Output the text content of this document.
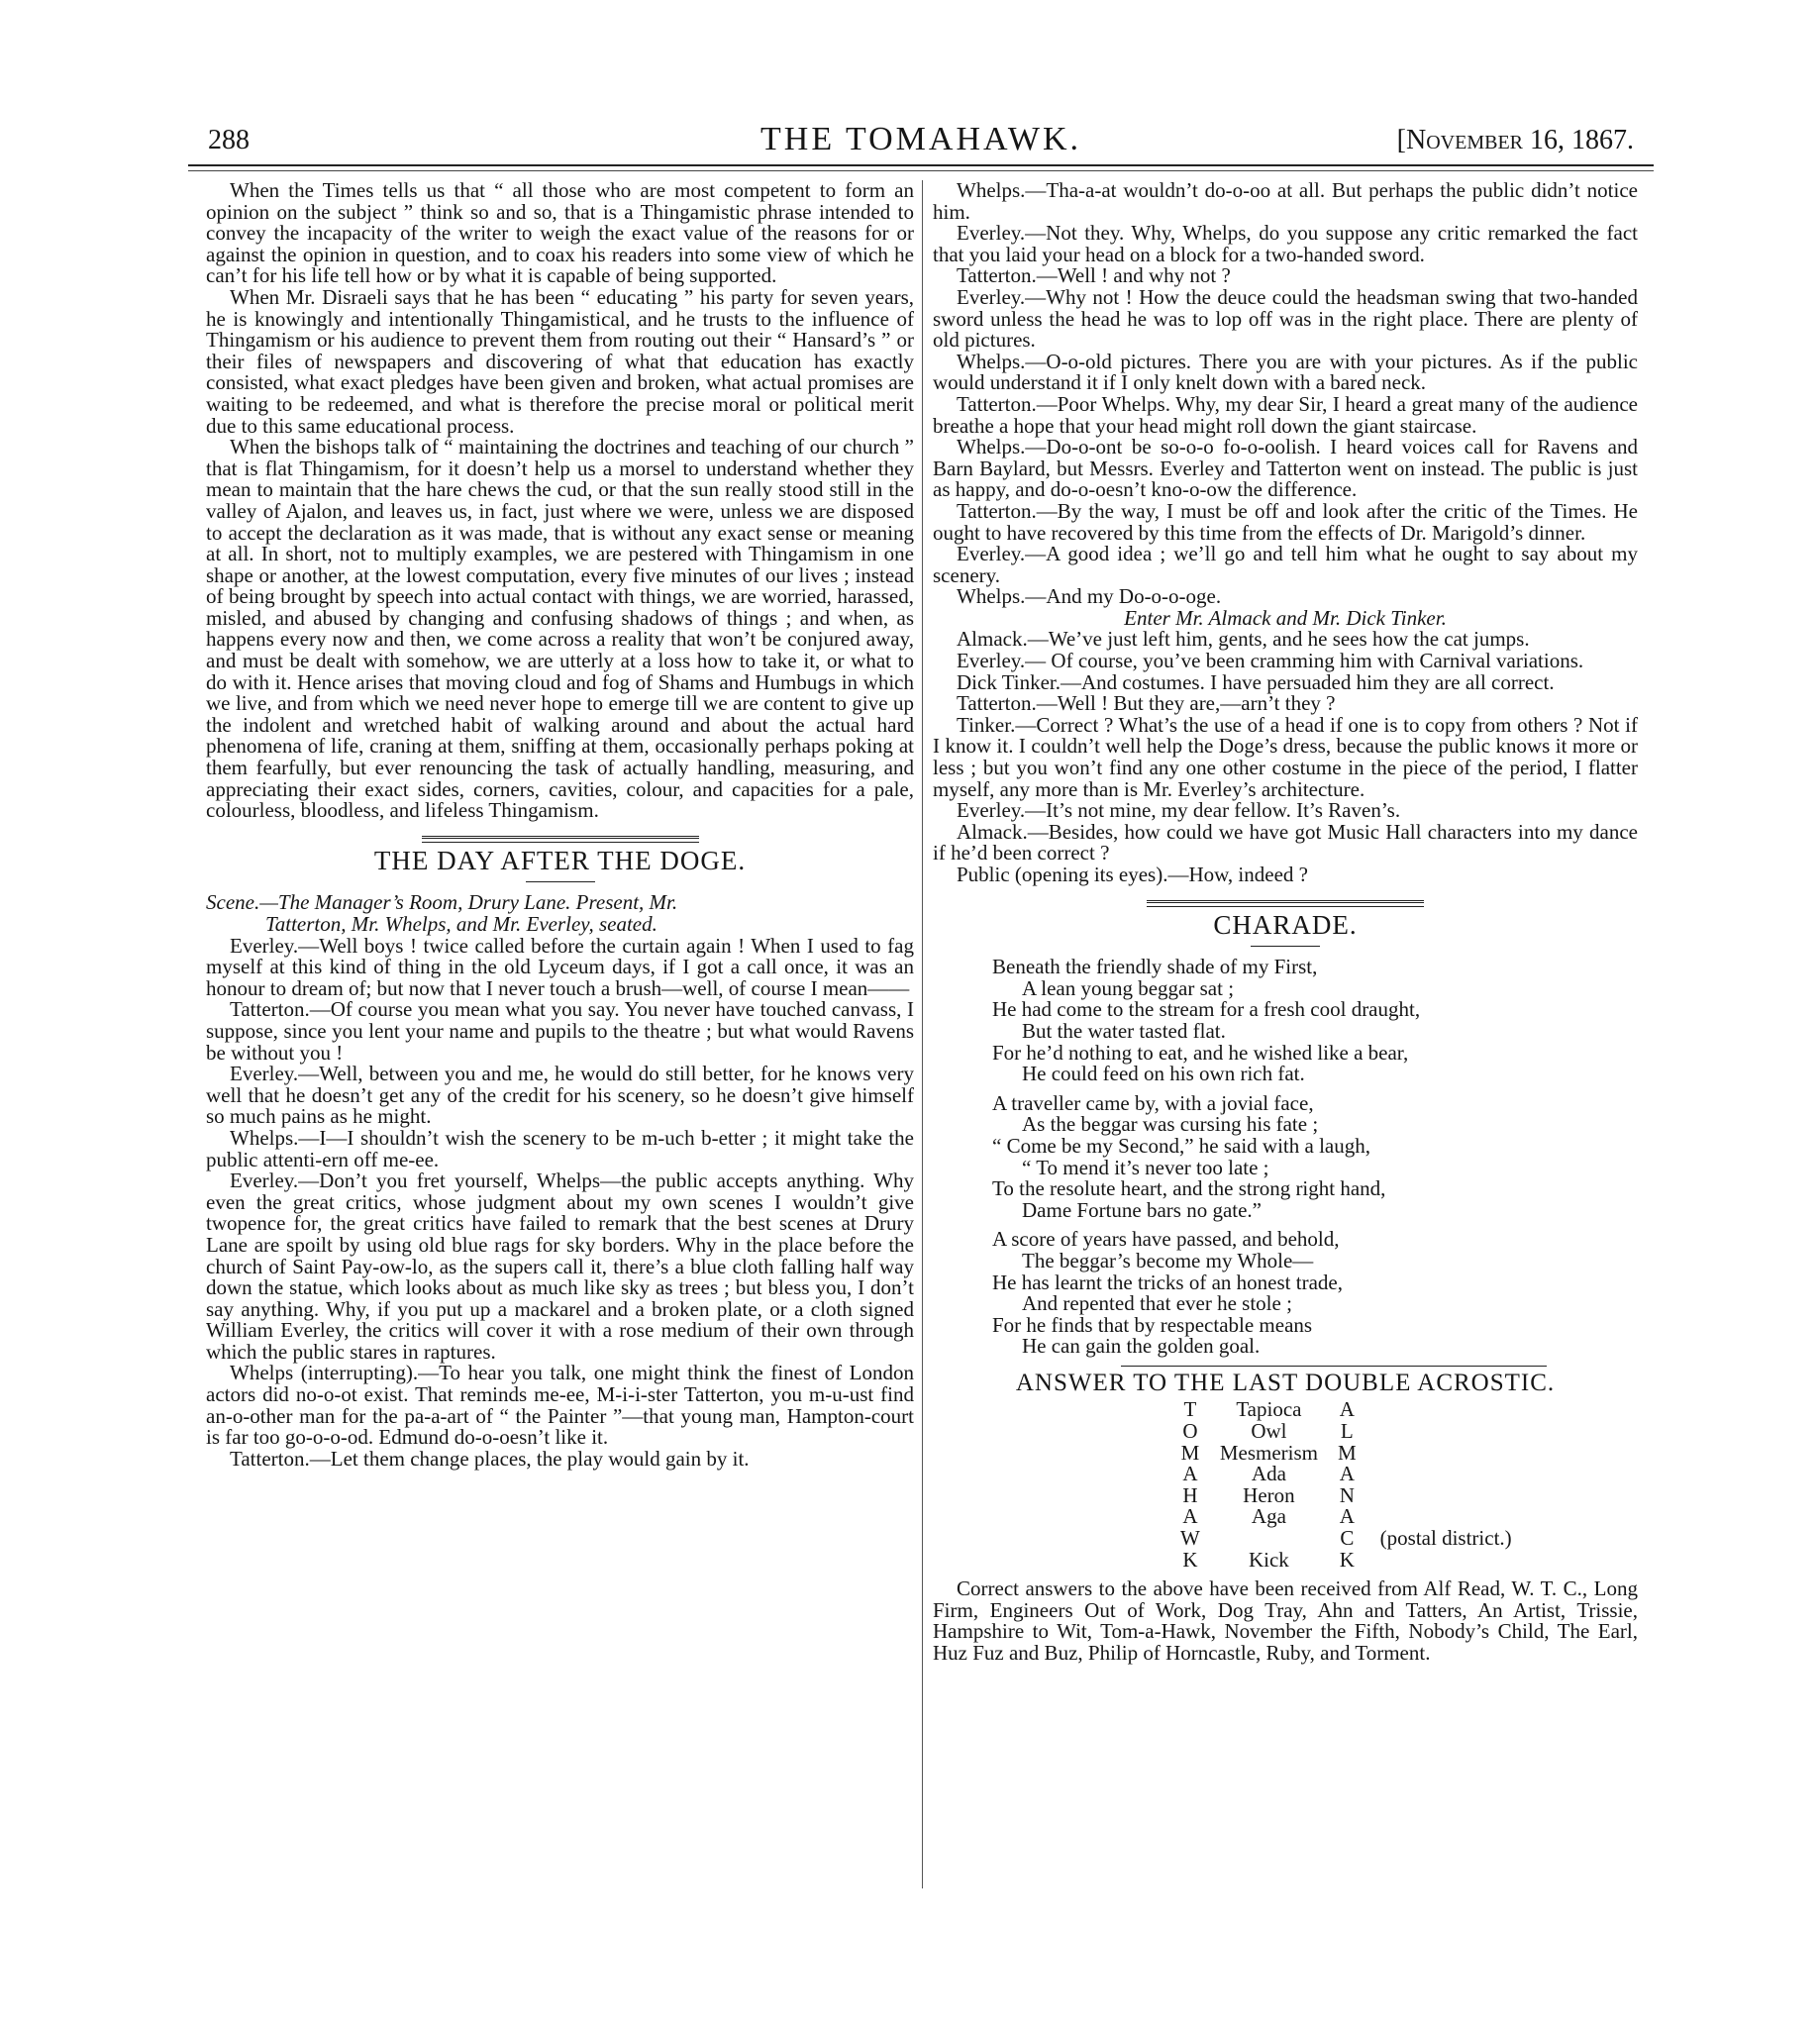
288	THE TOMAHAWK.	[November 16, 1867.

When the Times tells us that “ all those who are most competent to form an opinion on the subject ” think so and so, that is a Thingamistic phrase intended to convey the incapacity of the writer to weigh the exact value of the reasons for or against the opinion in question, and to coax his readers into some view of which he can’t for his life tell how or by what it is capable of being supported.

When Mr. Disraeli says that he has been “ educating ” his party for seven years, he is knowingly and intentionally Thingamistical, and he trusts to the influence of Thingamism or his audience to prevent them from routing out their “ Hansard’s ” or their files of newspapers and discovering of what that education has exactly consisted, what exact pledges have been given and broken, what actual promises are waiting to be redeemed, and what is therefore the precise moral or political merit due to this same educational process.

When the bishops talk of “ maintaining the doctrines and teaching of our church ” that is flat Thingamism, for it doesn’t help us a morsel to understand whether they mean to maintain that the hare chews the cud, or that the sun really stood still in the valley of Ajalon, and leaves us, in fact, just where we were, unless we are disposed to accept the declaration as it was made, that is without any exact sense or meaning at all. In short, not to multiply examples, we are pestered with Thingamism in one shape or another, at the lowest computation, every five minutes of our lives ; instead of being brought by speech into actual contact with things, we are worried, harassed, misled, and abused by changing and confusing shadows of things ; and when, as happens every now and then, we come across a reality that won’t be conjured away, and must be dealt with somehow, we are utterly at a loss how to take it, or what to do with it. Hence arises that moving cloud and fog of Shams and Humbugs in which we live, and from which we need never hope to emerge till we are content to give up the indolent and wretched habit of walking around and about the actual hard phenomena of life, craning at them, sniffing at them, occasionally perhaps poking at them fearfully, but ever renouncing the task of actually handling, measuring, and appreciating their exact sides, corners, cavities, colour, and capacities for a pale, colourless, bloodless, and lifeless Thingamism.

THE DAY AFTER THE DOGE.

Scene.—The Manager’s Room, Drury Lane. Present, Mr.

Tatterton, Mr. Whelps, and Mr. Everley, seated.

Everley.—Well boys ! twice called before the curtain again ! When I used to fag myself at this kind of thing in the old Lyceum days, if I got a call once, it was an honour to dream of; but now that I never touch a brush—well, of course I mean——

Tatterton.—Of course you mean what you say. You never have touched canvass, I suppose, since you lent your name and pupils to the theatre ; but what would Ravens be without you !

Everley.—Well, between you and me, he would do still better, for he knows very well that he doesn’t get any of the credit for his scenery, so he doesn’t give himself so much pains as he might.

Whelps.—I—I shouldn’t wish the scenery to be m-uch b-etter ; it might take the public attenti-ern off me-ee.

Everley.—Don’t you fret yourself, Whelps—the public accepts anything. Why even the great critics, whose judgment about my own scenes I wouldn’t give twopence for, the great critics have failed to remark that the best scenes at Drury Lane are spoilt by using old blue rags for sky borders. Why in the place before the church of Saint Pay-ow-lo, as the supers call it, there’s a blue cloth falling half way down the statue, which looks about as much like sky as trees ; but bless you, I don’t say anything. Why, if you put up a mackarel and a broken plate, or a cloth signed William Everley, the critics will cover it with a rose medium of their own through which the public stares in raptures.

Whelps (interrupting).—To hear you talk, one might think the finest of London actors did no-o-ot exist. That reminds me-ee, M-i-i-ster Tatterton, you m-u-ust find an-o-other man for the pa-a-art of “ the Painter ”—that young man, Hampton-court is far too go-o-o-od. Edmund do-o-oesn’t like it.

Tatterton.—Let them change places, the play would gain by it.

Whelps.—Tha-a-at wouldn’t do-o-oo at all. But perhaps the public didn’t notice him.

Everley.—Not they. Why, Whelps, do you suppose any critic remarked the fact that you laid your head on a block for a two-handed sword.

Tatterton.—Well ! and why not ?

Everley.—Why not ! How the deuce could the headsman swing that two-handed sword unless the head he was to lop off was in the right place. There are plenty of old pictures.

Whelps.—O-o-old pictures. There you are with your pictures. As if the public would understand it if I only knelt down with a bared neck.

Tatterton.—Poor Whelps. Why, my dear Sir, I heard a great many of the audience breathe a hope that your head might roll down the giant staircase.

Whelps.—Do-o-ont be so-o-o fo-o-oolish. I heard voices call for Ravens and Barn Baylard, but Messrs. Everley and Tatterton went on instead. The public is just as happy, and do-o-oesn’t kno-o-ow the difference.

Tatterton.—By the way, I must be off and look after the critic of the Times. He ought to have recovered by this time from the effects of Dr. Marigold’s dinner.

Everley.—A good idea ; we’ll go and tell him what he ought to say about my scenery.

Whelps.—And my Do-o-o-oge.

Enter Mr. Almack and Mr. Dick Tinker.

Almack.—We’ve just left him, gents, and he sees how the cat jumps.

Everley.— Of course, you’ve been cramming him with Carnival variations.

Dick Tinker.—And costumes. I have persuaded him they are all correct.

Tatterton.—Well ! But they are,—arn’t they ?

Tinker.—Correct ? What’s the use of a head if one is to copy from others ? Not if I know it. I couldn’t well help the Doge’s dress, because the public knows it more or less ; but you won’t find any one other costume in the piece of the period, I flatter myself, any more than is Mr. Everley’s architecture.

Everley.—It’s not mine, my dear fellow. It’s Raven’s.

Almack.—Besides, how could we have got Music Hall characters into my dance if he’d been correct ?

Public (opening its eyes).—How, indeed ?

CHARADE.
Beneath the friendly shade of my First,
A lean young beggar sat ;
He had come to the stream for a fresh cool draught,
But the water tasted flat.
For he’d nothing to eat, and he wished like a bear,
He could feed on his own rich fat.
A traveller came by, with a jovial face,
As the beggar was cursing his fate ;
“ Come be my Second,” he said with a laugh,
“ To mend it’s never too late ;
To the resolute heart, and the strong right hand,
Dame Fortune bars no gate.”
A score of years have passed, and behold,
The beggar’s become my Whole—
He has learnt the tricks of an honest trade,
And repented that ever he stole ;
For he finds that by respectable means
He can gain the golden goal.
ANSWER TO THE LAST DOUBLE ACROSTIC.
T	Tapioca	A	
O	Owl	L	
M	Mesmerism	M	
A	Ada	A	
H	Heron	N	
A	Aga	A	
W		C	(postal district.)
K	Kick	K	

Correct answers to the above have been received from Alf Read, W. T. C., Long Firm, Engineers Out of Work, Dog Tray, Ahn and Tatters, An Artist, Trissie, Hampshire to Wit, Tom-a-Hawk, November the Fifth, Nobody’s Child, The Earl, Huz Fuz and Buz, Philip of Horncastle, Ruby, and Torment.
